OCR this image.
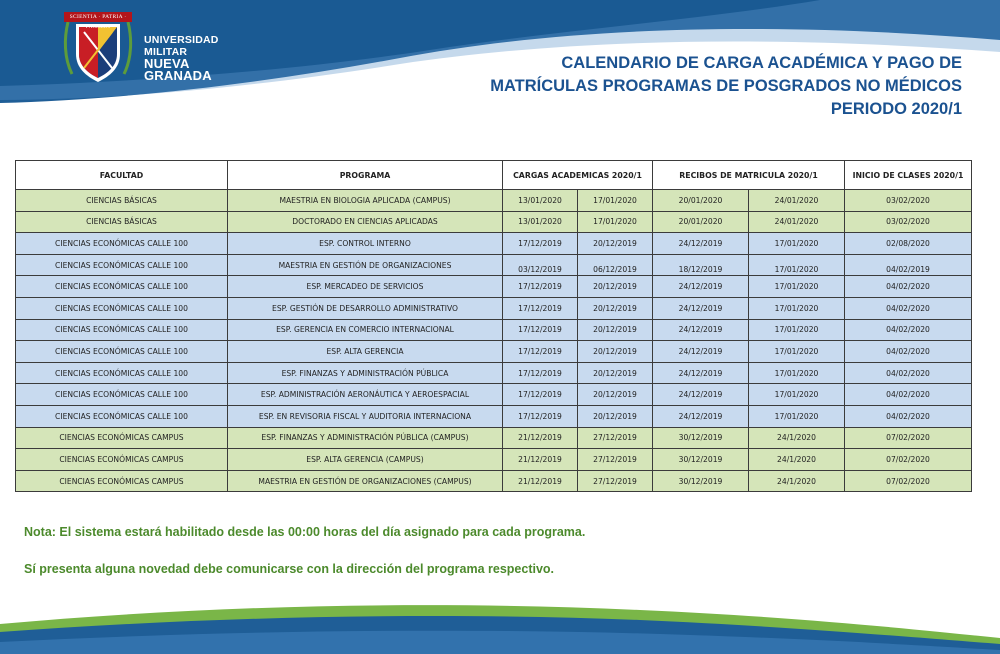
SCIENTIA · PATRIA · FAMILIA
UNIVERSIDAD MILITAR
NUEVA GRANADA
CALENDARIO DE CARGA ACADÉMICA Y PAGO DE
MATRÍCULAS PROGRAMAS DE POSGRADOS NO MÉDICOS
PERIODO 2020/1
FACULTAD	PROGRAMA	CARGAS ACADEMICAS 2020/1		RECIBOS DE MATRICULA 2020/1		INICIO DE CLASES 2020/1
CIENCIAS BÁSICAS	MAESTRIA EN BIOLOGIA APLICADA (CAMPUS)	13/01/2020	17/01/2020	20/01/2020	24/01/2020	03/02/2020
CIENCIAS BÁSICAS	DOCTORADO EN CIENCIAS APLICADAS	13/01/2020	17/01/2020	20/01/2020	24/01/2020	03/02/2020
CIENCIAS ECONÓMICAS CALLE 100	ESP. CONTROL INTERNO	17/12/2019	20/12/2019	24/12/2019	17/01/2020	02/08/2020
CIENCIAS ECONÓMICAS CALLE 100	MAESTRIA EN GESTIÓN DE ORGANIZACIONES	03/12/2019	06/12/2019	18/12/2019	17/01/2020	04/02/2019
CIENCIAS ECONÓMICAS CALLE 100	ESP. MERCADEO DE SERVICIOS	17/12/2019	20/12/2019	24/12/2019	17/01/2020	04/02/2020
CIENCIAS ECONÓMICAS CALLE 100	ESP. GESTIÓN DE DESARROLLO ADMINISTRATIVO	17/12/2019	20/12/2019	24/12/2019	17/01/2020	04/02/2020
CIENCIAS ECONÓMICAS CALLE 100	ESP. GERENCIA EN COMERCIO INTERNACIONAL	17/12/2019	20/12/2019	24/12/2019	17/01/2020	04/02/2020
CIENCIAS ECONÓMICAS CALLE 100	ESP. ALTA GERENCIA	17/12/2019	20/12/2019	24/12/2019	17/01/2020	04/02/2020
CIENCIAS ECONÓMICAS CALLE 100	ESP. FINANZAS Y ADMINISTRACIÓN PÚBLICA	17/12/2019	20/12/2019	24/12/2019	17/01/2020	04/02/2020
CIENCIAS ECONÓMICAS CALLE 100	ESP. ADMINISTRACIÓN AERONÁUTICA Y AEROESPACIAL	17/12/2019	20/12/2019	24/12/2019	17/01/2020	04/02/2020
CIENCIAS ECONÓMICAS CALLE 100	ESP. EN REVISORIA FISCAL Y AUDITORIA INTERNACIONA	17/12/2019	20/12/2019	24/12/2019	17/01/2020	04/02/2020
CIENCIAS ECONÓMICAS CAMPUS	ESP. FINANZAS Y ADMINISTRACIÓN PÚBLICA (CAMPUS)	21/12/2019	27/12/2019	30/12/2019	24/1/2020	07/02/2020
CIENCIAS ECONÓMICAS CAMPUS	ESP. ALTA GERENCIA (CAMPUS)	21/12/2019	27/12/2019	30/12/2019	24/1/2020	07/02/2020
CIENCIAS ECONÓMICAS CAMPUS	MAESTRIA EN GESTIÓN DE ORGANIZACIONES (CAMPUS)	21/12/2019	27/12/2019	30/12/2019	24/1/2020	07/02/2020
Nota: El sistema estará habilitado desde las 00:00 horas del día asignado para cada programa.
Sí presenta alguna novedad debe comunicarse con la dirección del programa respectivo.
